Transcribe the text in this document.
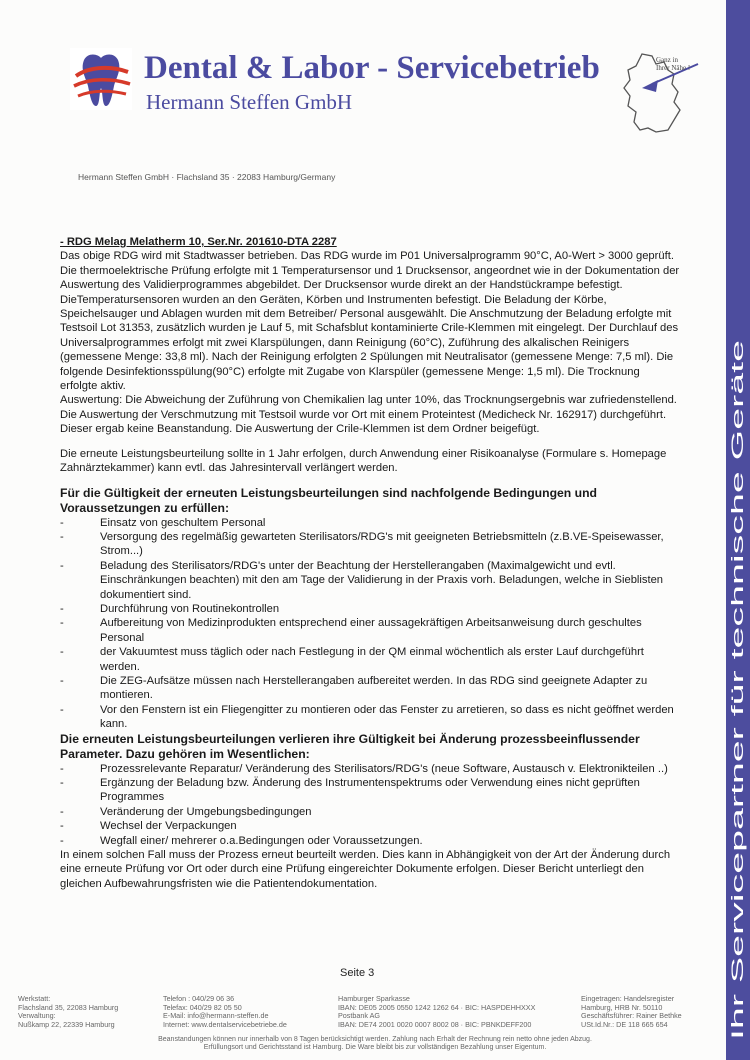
Dental & Labor - Servicebetrieb
Hermann Steffen GmbH
Ganz in
Ihrer Nähe !
Ihr Servicepartner für technische Geräte
Hermann Steffen GmbH · Flachsland 35 · 22083 Hamburg/Germany

- RDG Melag Melatherm 10, Ser.Nr. 201610-DTA 2287

Das obige RDG wird mit Stadtwasser betrieben. Das RDG wurde im P01 Universalprogramm 90°C, A0-Wert > 3000 geprüft. Die thermoelektrische Prüfung erfolgte mit 1 Temperatursensor und 1 Drucksensor, angeordnet wie in der Dokumentation der Auswertung des Validierprogrammes abgebildet. Der Drucksensor wurde direkt an der Handstückrampe befestigt. DieTemperatursensoren wurden an den Geräten, Körben und Instrumenten befestigt. Die Beladung der Körbe, Speichelsauger und Ablagen wurden mit dem Betreiber/ Personal ausgewählt. Die Anschmutzung der Beladung erfolgte mit Testsoil Lot 31353, zusätzlich wurden je Lauf 5, mit Schafsblut kontaminierte Crile-Klemmen mit eingelegt. Der Durchlauf des Universalprogrammes erfolgt mit zwei Klarspülungen, dann Reinigung (60°C), Zuführung des alkalischen Reinigers (gemessene Menge: 33,8 ml). Nach der Reinigung erfolgten 2 Spülungen mit Neutralisator (gemessene Menge: 7,5 ml). Die folgende Desinfektionsspülung(90°C) erfolgte mit Zugabe von Klarspüler (gemessene Menge: 1,5 ml). Die Trocknung erfolgte aktiv.

Auswertung: Die Abweichung der Zuführung von Chemikalien lag unter 10%, das Trocknungsergebnis war zufriedenstellend. Die Auswertung der Verschmutzung mit Testsoil wurde vor Ort mit einem Proteintest (Medicheck Nr. 162917) durchgeführt. Dieser ergab keine Beanstandung. Die Auswertung der Crile-Klemmen ist dem Ordner beigefügt.

Die erneute Leistungsbeurteilung sollte in 1 Jahr erfolgen, durch Anwendung einer Risikoanalyse (Formulare s. Homepage Zahnärztekammer) kann evtl. das Jahresintervall verlängert werden.

Für die Gültigkeit der erneuten Leistungsbeurteilungen sind nachfolgende Bedingungen und Voraussetzungen zu erfüllen:

- Einsatz von geschultem Personal
- Versorgung des regelmäßig gewarteten Sterilisators/RDG's mit geeigneten Betriebsmitteln (z.B.VE-Speisewasser, Strom...)
- Beladung des Sterilisators/RDG's unter der Beachtung der Herstellerangaben (Maximalgewicht und evtl. Einschränkungen beachten) mit den am Tage der Validierung in der Praxis vorh. Beladungen, welche in Sieblisten dokumentiert sind.
- Durchführung von Routinekontrollen
- Aufbereitung von Medizinprodukten entsprechend einer aussagekräftigen Arbeitsanweisung durch geschultes Personal
- der Vakuumtest muss täglich oder nach Festlegung in der QM einmal wöchentlich als erster Lauf durchgeführt werden.
- Die ZEG-Aufsätze müssen nach Herstellerangaben aufbereitet werden. In das RDG sind geeignete Adapter zu montieren.
- Vor den Fenstern ist ein Fliegengitter zu montieren oder das Fenster zu arretieren, so dass es nicht geöffnet werden kann.

Die erneuten Leistungsbeurteilungen verlieren ihre Gültigkeit bei Änderung prozessbeeinflussender Parameter. Dazu gehören im Wesentlichen:

- Prozessrelevante Reparatur/ Veränderung des Sterilisators/RDG's (neue Software, Austausch v. Elektronikteilen ..)
- Ergänzung der Beladung bzw. Änderung des Instrumentenspektrums oder Verwendung eines nicht geprüften Programmes
- Veränderung der Umgebungsbedingungen
- Wechsel der Verpackungen
- Wegfall einer/ mehrerer o.a.Bedingungen oder Voraussetzungen.

In einem solchen Fall muss der Prozess erneut beurteilt werden. Dies kann in Abhängigkeit von der Art der Änderung durch eine erneute Prüfung vor Ort oder durch eine Prüfung eingereichter Dokumente erfolgen. Dieser Bericht unterliegt den gleichen Aufbewahrungsfristen wie die Patientendokumentation.

Seite 3
Werkstatt:
Flachsland 35, 22083 Hamburg
Verwaltung:
Nußkamp 22, 22339 Hamburg
Telefon : 040/29 06 36
Telefax: 040/29 82 05 50
E-Mail: info@hermann-steffen.de
Internet: www.dentalservicebetriebe.de
Hamburger Sparkasse
IBAN: DE05 2005 0550 1242 1262 64 · BIC: HASPDEHHXXX
Postbank AG
IBAN: DE74 2001 0020 0007 8002 08 · BIC: PBNKDEFF200
Eingetragen: Handelsregister
Hamburg, HRB Nr. 50110
Geschäftsführer: Rainer Bethke
USt.Id.Nr.: DE 118 665 654
Beanstandungen können nur innerhalb von 8 Tagen berücksichtigt werden. Zahlung nach Erhalt der Rechnung rein netto ohne jeden Abzug.
Erfüllungsort und Gerichtsstand ist Hamburg. Die Ware bleibt bis zur vollständigen Bezahlung unser Eigentum.
